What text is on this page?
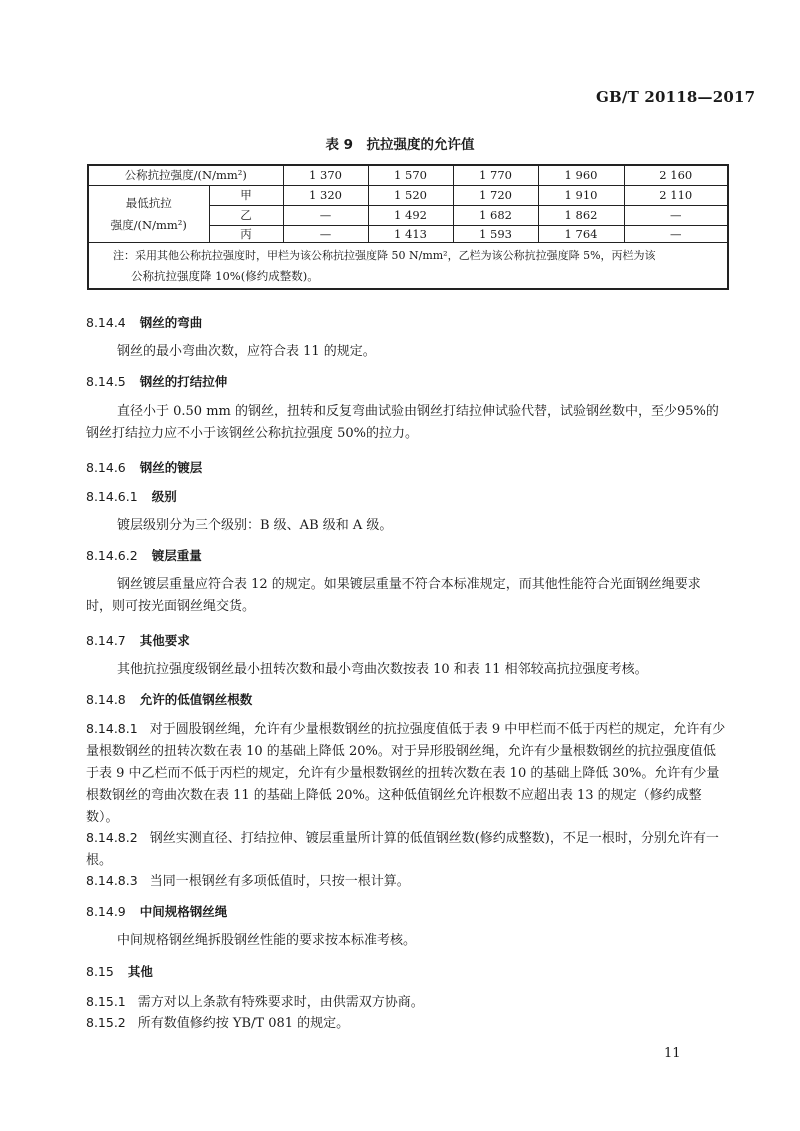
GB/T 20118—2017
表 9　抗拉强度的允许值
公称抗拉强度/(N/mm²)		1 370	1 570	1 770	1 960	2 160
最低抗拉
强度/(N/mm²)	甲	1 320	1 520	1 720	1 910	2 110
	乙	—	1 492	1 682	1 862	—
	丙	—	1 413	1 593	1 764	—
注：采用其他公称抗拉强度时，甲栏为该公称抗拉强度降 50 N/mm²，乙栏为该公称抗拉强度降 5%，丙栏为该
公称抗拉强度降 10%(修约成整数)。						
8.14.4 钢丝的弯曲
钢丝的最小弯曲次数，应符合表 11 的规定。
8.14.5 钢丝的打结拉伸
直径小于 0.50 mm 的钢丝，扭转和反复弯曲试验由钢丝打结拉伸试验代替，试验钢丝数中，至少95%的钢丝打结拉力应不小于该钢丝公称抗拉强度 50%的拉力。
8.14.6 钢丝的镀层
8.14.6.1 级别
镀层级别分为三个级别：B 级、AB 级和 A 级。
8.14.6.2 镀层重量
钢丝镀层重量应符合表 12 的规定。如果镀层重量不符合本标准规定，而其他性能符合光面钢丝绳要求时，则可按光面钢丝绳交货。
8.14.7 其他要求
其他抗拉强度级钢丝最小扭转次数和最小弯曲次数按表 10 和表 11 相邻较高抗拉强度考核。
8.14.8 允许的低值钢丝根数
8.14.8.1 对于圆股钢丝绳，允许有少量根数钢丝的抗拉强度值低于表 9 中甲栏而不低于丙栏的规定，允许有少量根数钢丝的扭转次数在表 10 的基础上降低 20%。对于异形股钢丝绳，允许有少量根数钢丝的抗拉强度值低于表 9 中乙栏而不低于丙栏的规定，允许有少量根数钢丝的扭转次数在表 10 的基础上降低 30%。允许有少量根数钢丝的弯曲次数在表 11 的基础上降低 20%。这种低值钢丝允许根数不应超出表 13 的规定（修约成整数）。
8.14.8.2 钢丝实测直径、打结拉伸、镀层重量所计算的低值钢丝数(修约成整数)，不足一根时，分别允许有一根。
8.14.8.3 当同一根钢丝有多项低值时，只按一根计算。
8.14.9 中间规格钢丝绳
中间规格钢丝绳拆股钢丝性能的要求按本标准考核。
8.15 其他
8.15.1 需方对以上条款有特殊要求时，由供需双方协商。
8.15.2 所有数值修约按 YB/T 081 的规定。
11
